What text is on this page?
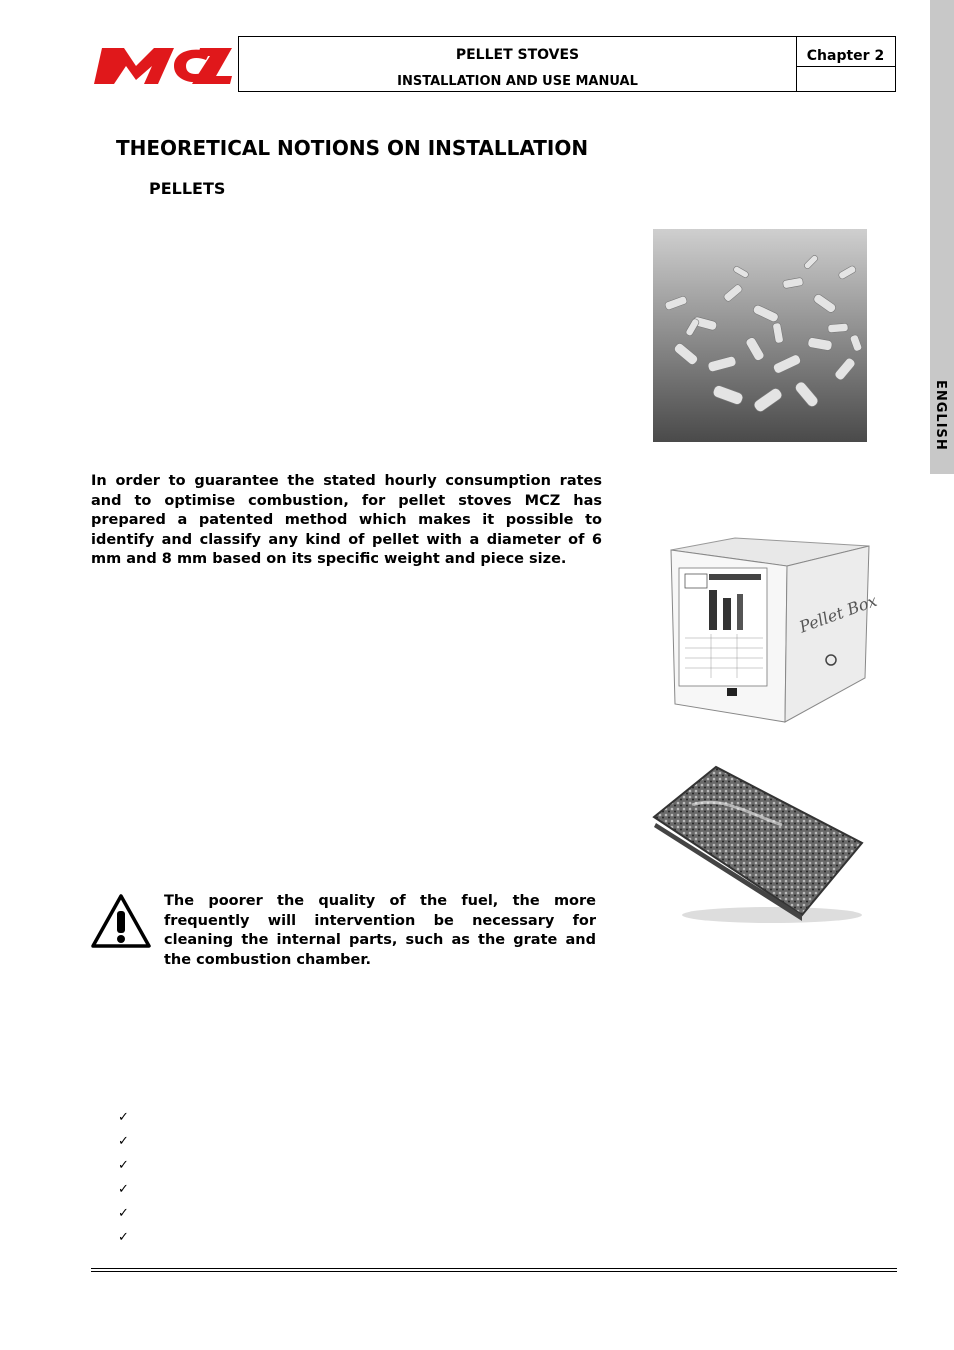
PELLET STOVES
INSTALLATION AND USE MANUAL
Chapter 2
ENGLISH
THEORETICAL NOTIONS ON INSTALLATION
PELLETS
In order to guarantee the stated hourly consumption rates and to optimise combustion, for pellet stoves MCZ has prepared a patented method which makes it possible to identify and classify any kind of pellet with a diameter of 6 mm and 8 mm based on its specific weight and piece size.
Pellet Box
The poorer the quality of the fuel, the more frequently will intervention be necessary for cleaning the internal parts, such as the grate and the combustion chamber.
✓
✓
✓
✓
✓
✓
